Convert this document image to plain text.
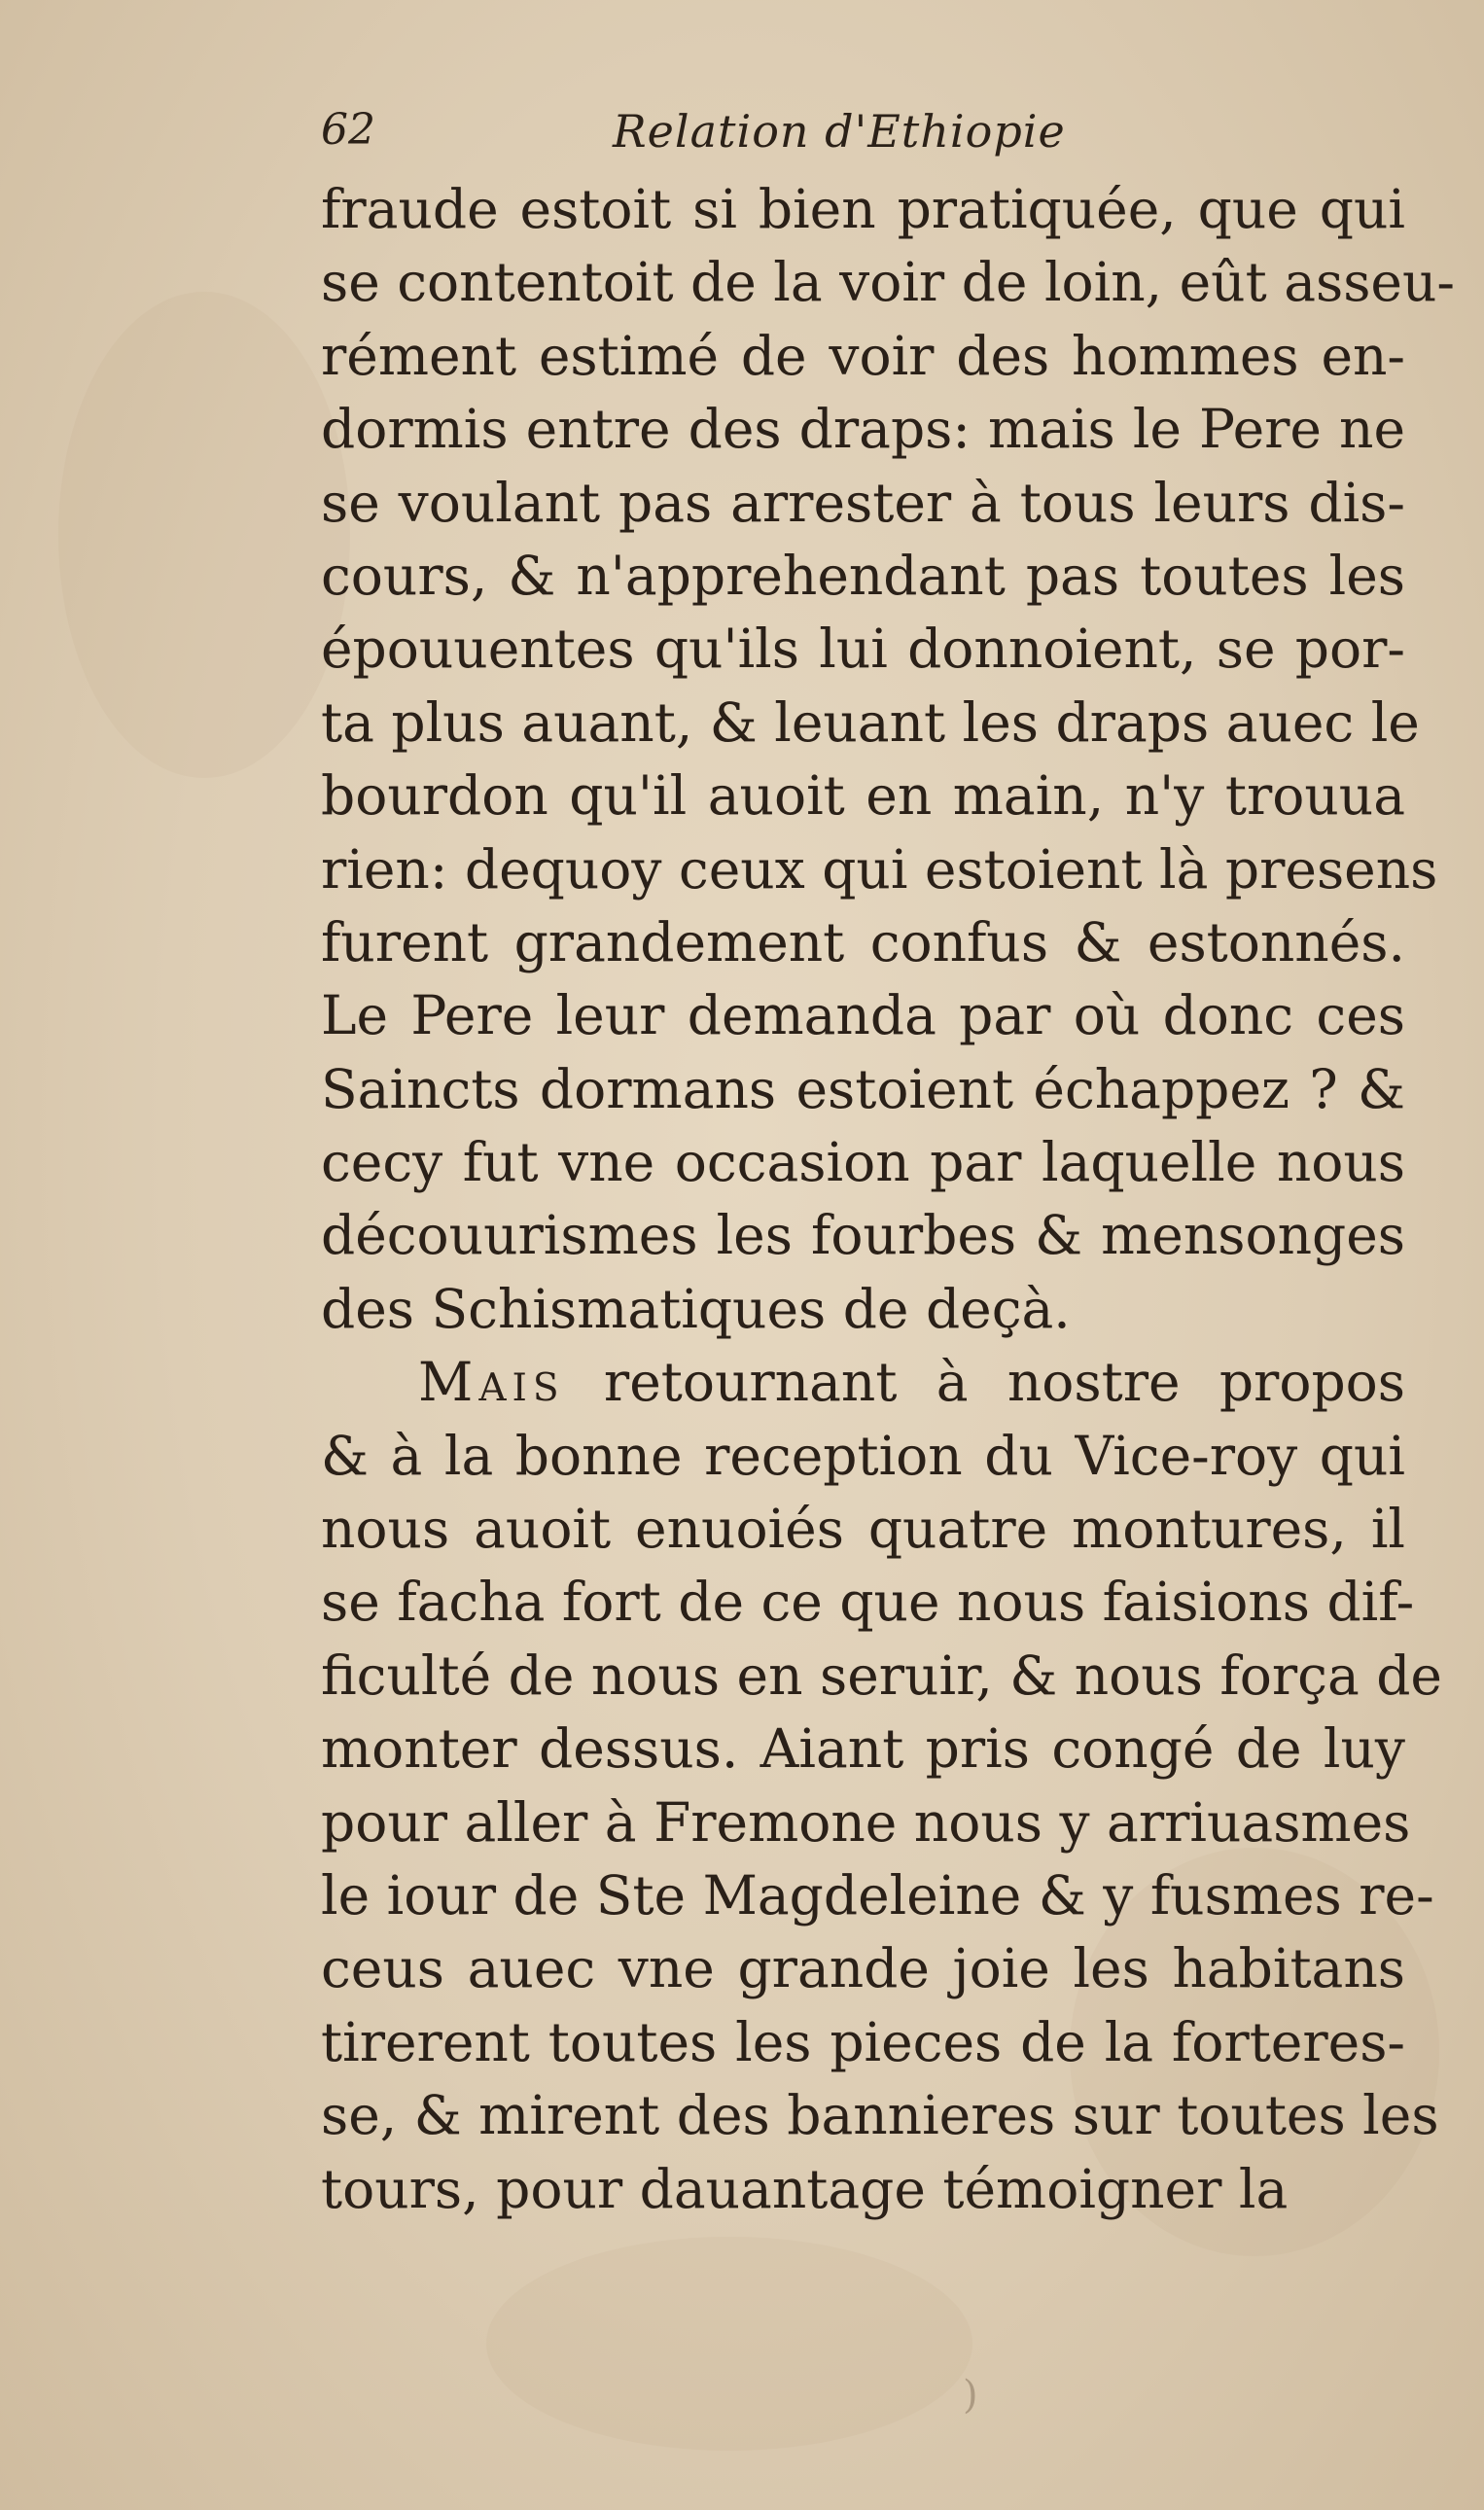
62	Relation d'Ethiopie
fraude estoit si bien pratiquée, que qui
se contentoit de la voir de loin, eût asseu-
rément estimé de voir des hommes en-
dormis entre des draps: mais le Pere ne
se voulant pas arrester à tous leurs dis-
cours, & n'apprehendant pas toutes les
épouuentes qu'ils lui donnoient, se por-
ta plus auant, & leuant les draps auec le
bourdon qu'il auoit en main, n'y trouua
rien: dequoy ceux qui estoient là presens
furent grandement confus & estonnés.
Le Pere leur demanda par où donc ces
Saincts dormans estoient échappez ? &
cecy fut vne occasion par laquelle nous
découurismes les fourbes & mensonges
des Schismatiques de deçà.
Mais retournant à nostre propos
& à la bonne reception du Vice-roy qui
nous auoit enuoiés quatre montures, il
se facha fort de ce que nous faisions dif-
ficulté de nous en seruir, & nous força de
monter dessus. Aiant pris congé de luy
pour aller à Fremone nous y arriuasmes
le iour de Ste Magdeleine & y fusmes re-
ceus auec vne grande joie les habitans
tirerent toutes les pieces de la forteres-
se, & mirent des bannieres sur toutes les
tours, pour dauantage témoigner la
)
